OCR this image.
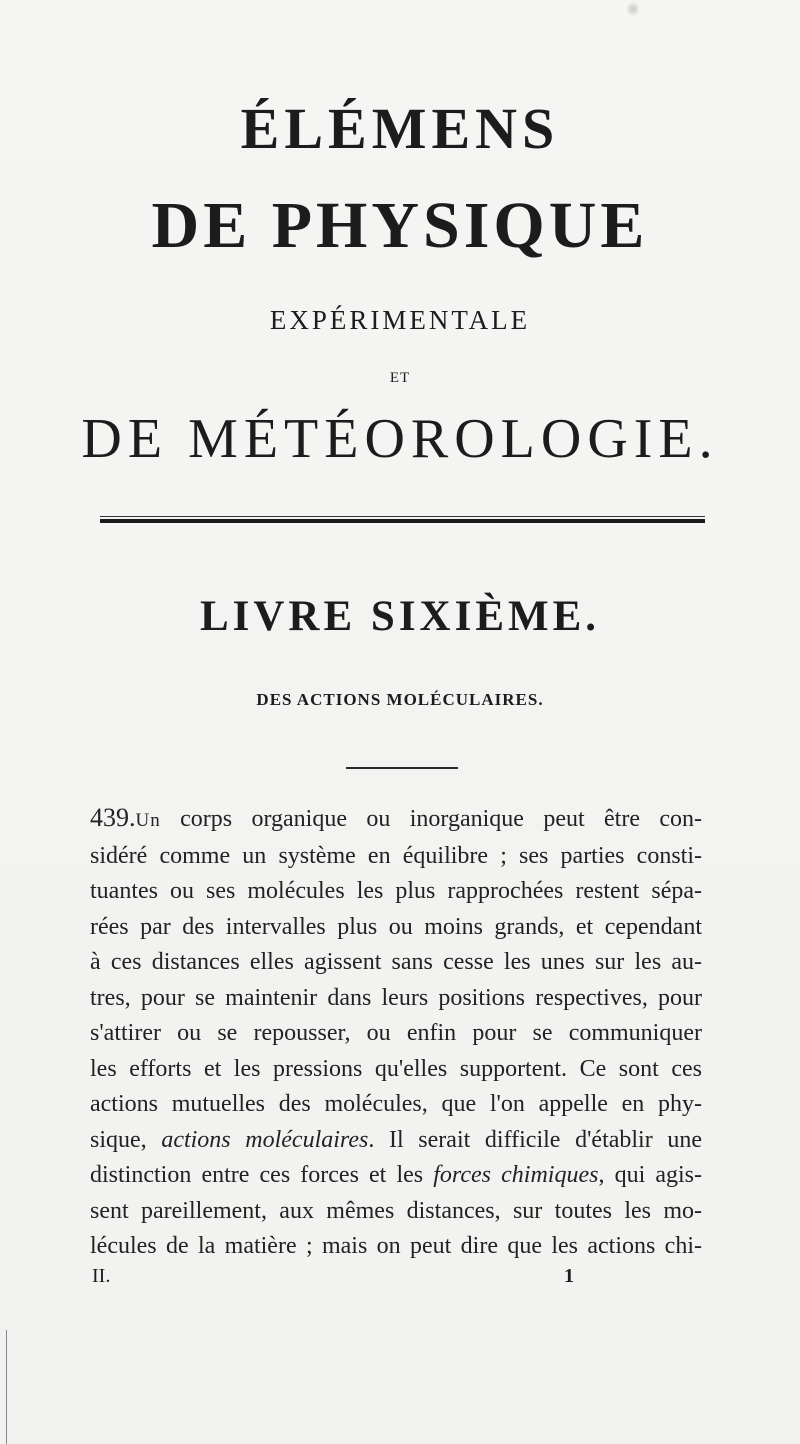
ÉLÉMENS
DE PHYSIQUE
EXPÉRIMENTALE
ET
DE MÉTÉOROLOGIE.
LIVRE SIXIÈME.
DES ACTIONS MOLÉCULAIRES.
439.Un corps organique ou inorganique peut être con-
sidéré comme un système en équilibre ; ses parties consti-
tuantes ou ses molécules les plus rapprochées restent sépa-
rées par des intervalles plus ou moins grands, et cependant
à ces distances elles agissent sans cesse les unes sur les au-
tres, pour se maintenir dans leurs positions respectives, pour
s'attirer ou se repousser, ou enfin pour se communiquer
les efforts et les pressions qu'elles supportent. Ce sont ces
actions mutuelles des molécules, que l'on appelle en phy-
sique, actions moléculaires. Il serait difficile d'établir une
distinction entre ces forces et les forces chimiques, qui agis-
sent pareillement, aux mêmes distances, sur toutes les mo-
lécules de la matière ; mais on peut dire que les actions chi-
II.	1
